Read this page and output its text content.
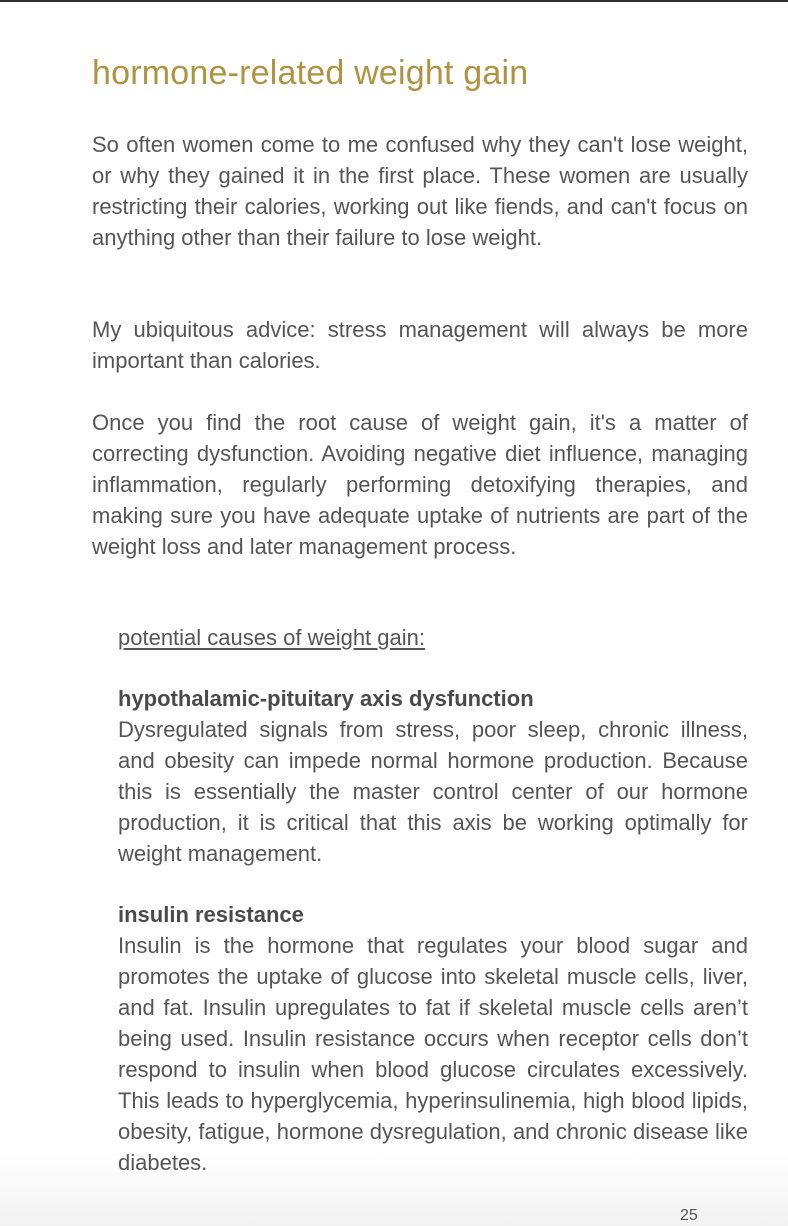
hormone-related weight gain

So often women come to me confused why they can't lose weight, or why they gained it in the first place. These women are usually restricting their calories, working out like fiends, and can't focus on anything other than their failure to lose weight.

My ubiquitous advice: stress management will always be more important than calories.

Once you find the root cause of weight gain, it's a matter of correcting dysfunction. Avoiding negative diet influence, managing inflammation, regularly performing detoxifying therapies, and making sure you have adequate uptake of nutrients are part of the weight loss and later management process.

potential causes of weight gain:
hypothalamic-pituitary axis dysfunction

Dysregulated signals from stress, poor sleep, chronic illness, and obesity can impede normal hormone production. Because this is essentially the master control center of our hormone production, it is critical that this axis be working optimally for weight management.

insulin resistance

Insulin is the hormone that regulates your blood sugar and promotes the uptake of glucose into skeletal muscle cells, liver, and fat. Insulin upregulates to fat if skeletal muscle cells aren’t being used. Insulin resistance occurs when receptor cells don’t respond to insulin when blood glucose circulates excessively. This leads to hyperglycemia, hyperinsulinemia, high blood lipids, obesity, fatigue, hormone dysregulation, and chronic disease like diabetes.

25
